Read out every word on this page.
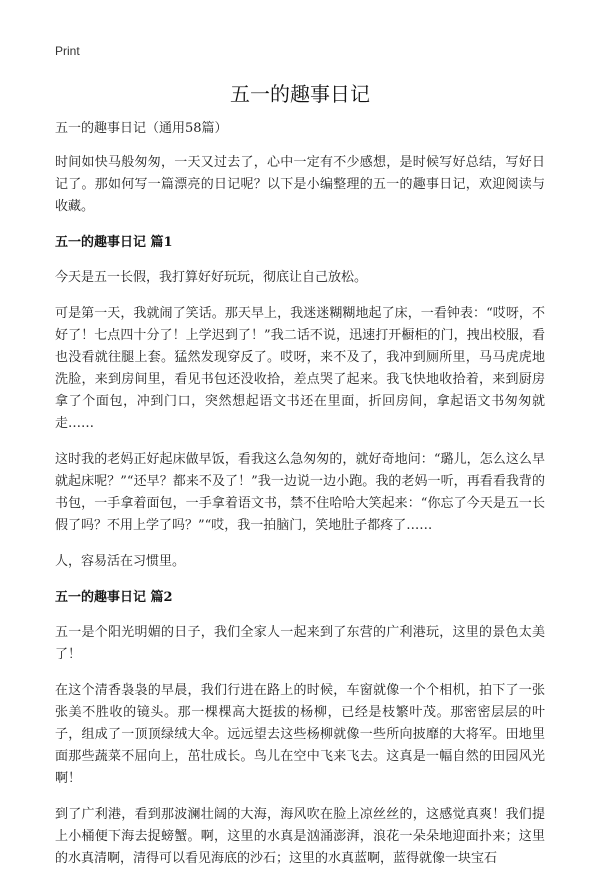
Print
五一的趣事日记

五一的趣事日记（通用58篇）

时间如快马般匆匆，一天又过去了，心中一定有不少感想，是时候写好总结，写好日记了。那如何写一篇漂亮的日记呢？以下是小编整理的五一的趣事日记，欢迎阅读与收藏。

五一的趣事日记 篇1

今天是五一长假，我打算好好玩玩，彻底让自己放松。

可是第一天，我就闹了笑话。那天早上，我迷迷糊糊地起了床，一看钟表：“哎呀，不好了！七点四十分了！上学迟到了！”我二话不说，迅速打开橱柜的门，拽出校服，看也没看就往腿上套。猛然发现穿反了。哎呀，来不及了，我冲到厕所里，马马虎虎地洗脸，来到房间里，看见书包还没收拾，差点哭了起来。我飞快地收拾着，来到厨房拿了个面包，冲到门口，突然想起语文书还在里面，折回房间，拿起语文书匆匆就走……

这时我的老妈正好起床做早饭，看我这么急匆匆的，就好奇地问：“璐儿，怎么这么早就起床呢？”“还早？都来不及了！”我一边说一边小跑。我的老妈一听，再看看我背的书包，一手拿着面包，一手拿着语文书，禁不住哈哈大笑起来：“你忘了今天是五一长假了吗？不用上学了吗？”“哎，我一拍脑门，笑地肚子都疼了……

人，容易活在习惯里。

五一的趣事日记 篇2

五一是个阳光明媚的日子，我们全家人一起来到了东营的广利港玩，这里的景色太美了！

在这个清香袅袅的早晨，我们行进在路上的时候，车窗就像一个个相机，拍下了一张张美不胜收的镜头。那一棵棵高大挺拔的杨柳，已经是枝繁叶茂。那密密层层的叶子，组成了一顶顶绿绒大伞。远远望去这些杨柳就像一些所向披靡的大将军。田地里面那些蔬菜不屈向上，茁壮成长。鸟儿在空中飞来飞去。这真是一幅自然的田园风光啊！

到了广利港，看到那波澜壮阔的大海，海风吹在脸上凉丝丝的，这感觉真爽！我们提上小桶便下海去捉螃蟹。啊，这里的水真是汹涌澎湃，浪花一朵朵地迎面扑来；这里的水真清啊，清得可以看见海底的沙石；这里的水真蓝啊，蓝得就像一块宝石
